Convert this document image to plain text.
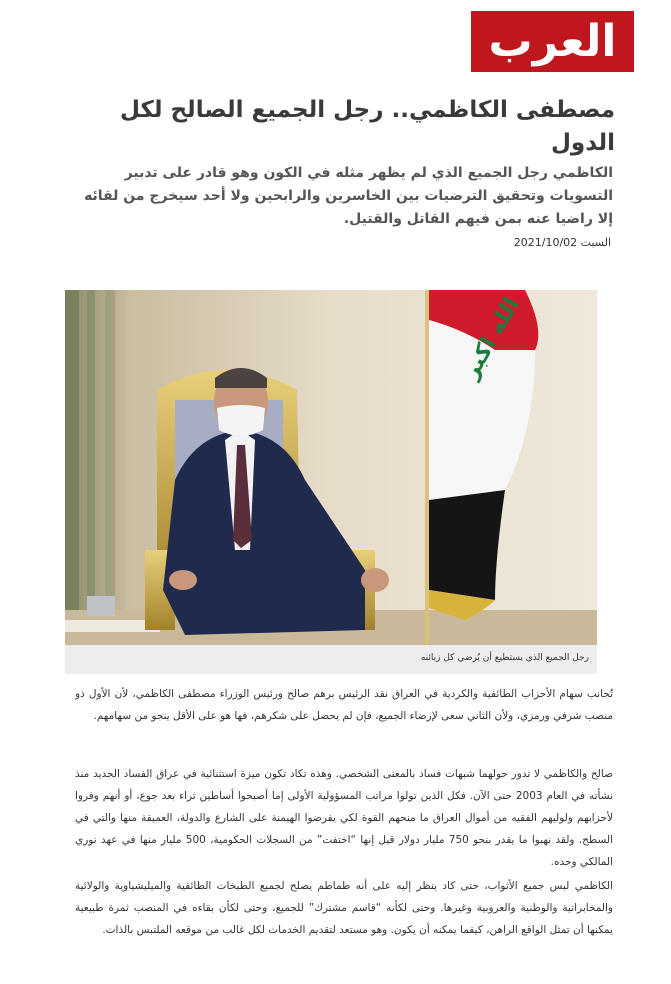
العرب
مصطفى الكاظمي.. رجل الجميع الصالح لكل الدول

الكاظمي رجل الجميع الذي لم يظهر مثله في الكون وهو قادر على تدبير التسويات وتحقيق الترضيات بين الخاسرين والرابحين ولا أحد سيخرج من لقائه إلا راضيا عنه بمن فيهم القاتل والقتيل.

السبت 2021/10/02
الله اكبر
رجل الجميع الذي يستطيع أن يُرضي كل زبائنه

تُجانب سهام الأحزاب الطائفية والكردية في العراق نقد الرئيس برهم صالح ورئيس الوزراء مصطفى الكاظمي، لأن الأول ذو منصب شرفي ورمزي، ولأن الثاني سعى لإرضاء الجميع، فإن لم يحصل على شكرهم، فها هو على الأقل ينجو من سهامهم.

صالح والكاظمي لا تدور حولهما شبهات فساد بالمعنى الشخصي. وهذه تكاد تكون ميزة استثنائية في عراق الفساد الجديد منذ نشأته في العام 2003 حتى الآن. فكل الذين تولوا مراتب المسؤولية الأولى إما أصبحوا أساطين ثراء بعد جوع، أو أنهم وفروا لأحزابهم ولوليهم الفقيه من أموال العراق ما منحهم القوة لكي يفرضوا الهيمنة على الشارع والدولة، العميقة منها والتي في السطح. ولقد نهبوا ما يقدر بنحو 750 مليار دولار قيل إنها “اختفت” من السجلات الحكومية، 500 مليار منها في عهد نوري المالكي وحده.

الكاظمي لبس جميع الأثواب، حتى كاد ينظر إليه على أنه طماطم يصلح لجميع الطبخات الطائفية والميليشياوية والولائية والمخابراتية والوطنية والعروبية وغيرها. وحتى لكأنه “قاسم مشترك” للجميع، وحتى لكأن بقاءه في المنصب ثمرة طبيعية يمكنها أن تمثل الواقع الراهن، كيفما يمكنه أن يكون. وهو مستعد لتقديم الخدمات لكل غالب من موقعه الملتبس بالذات.
